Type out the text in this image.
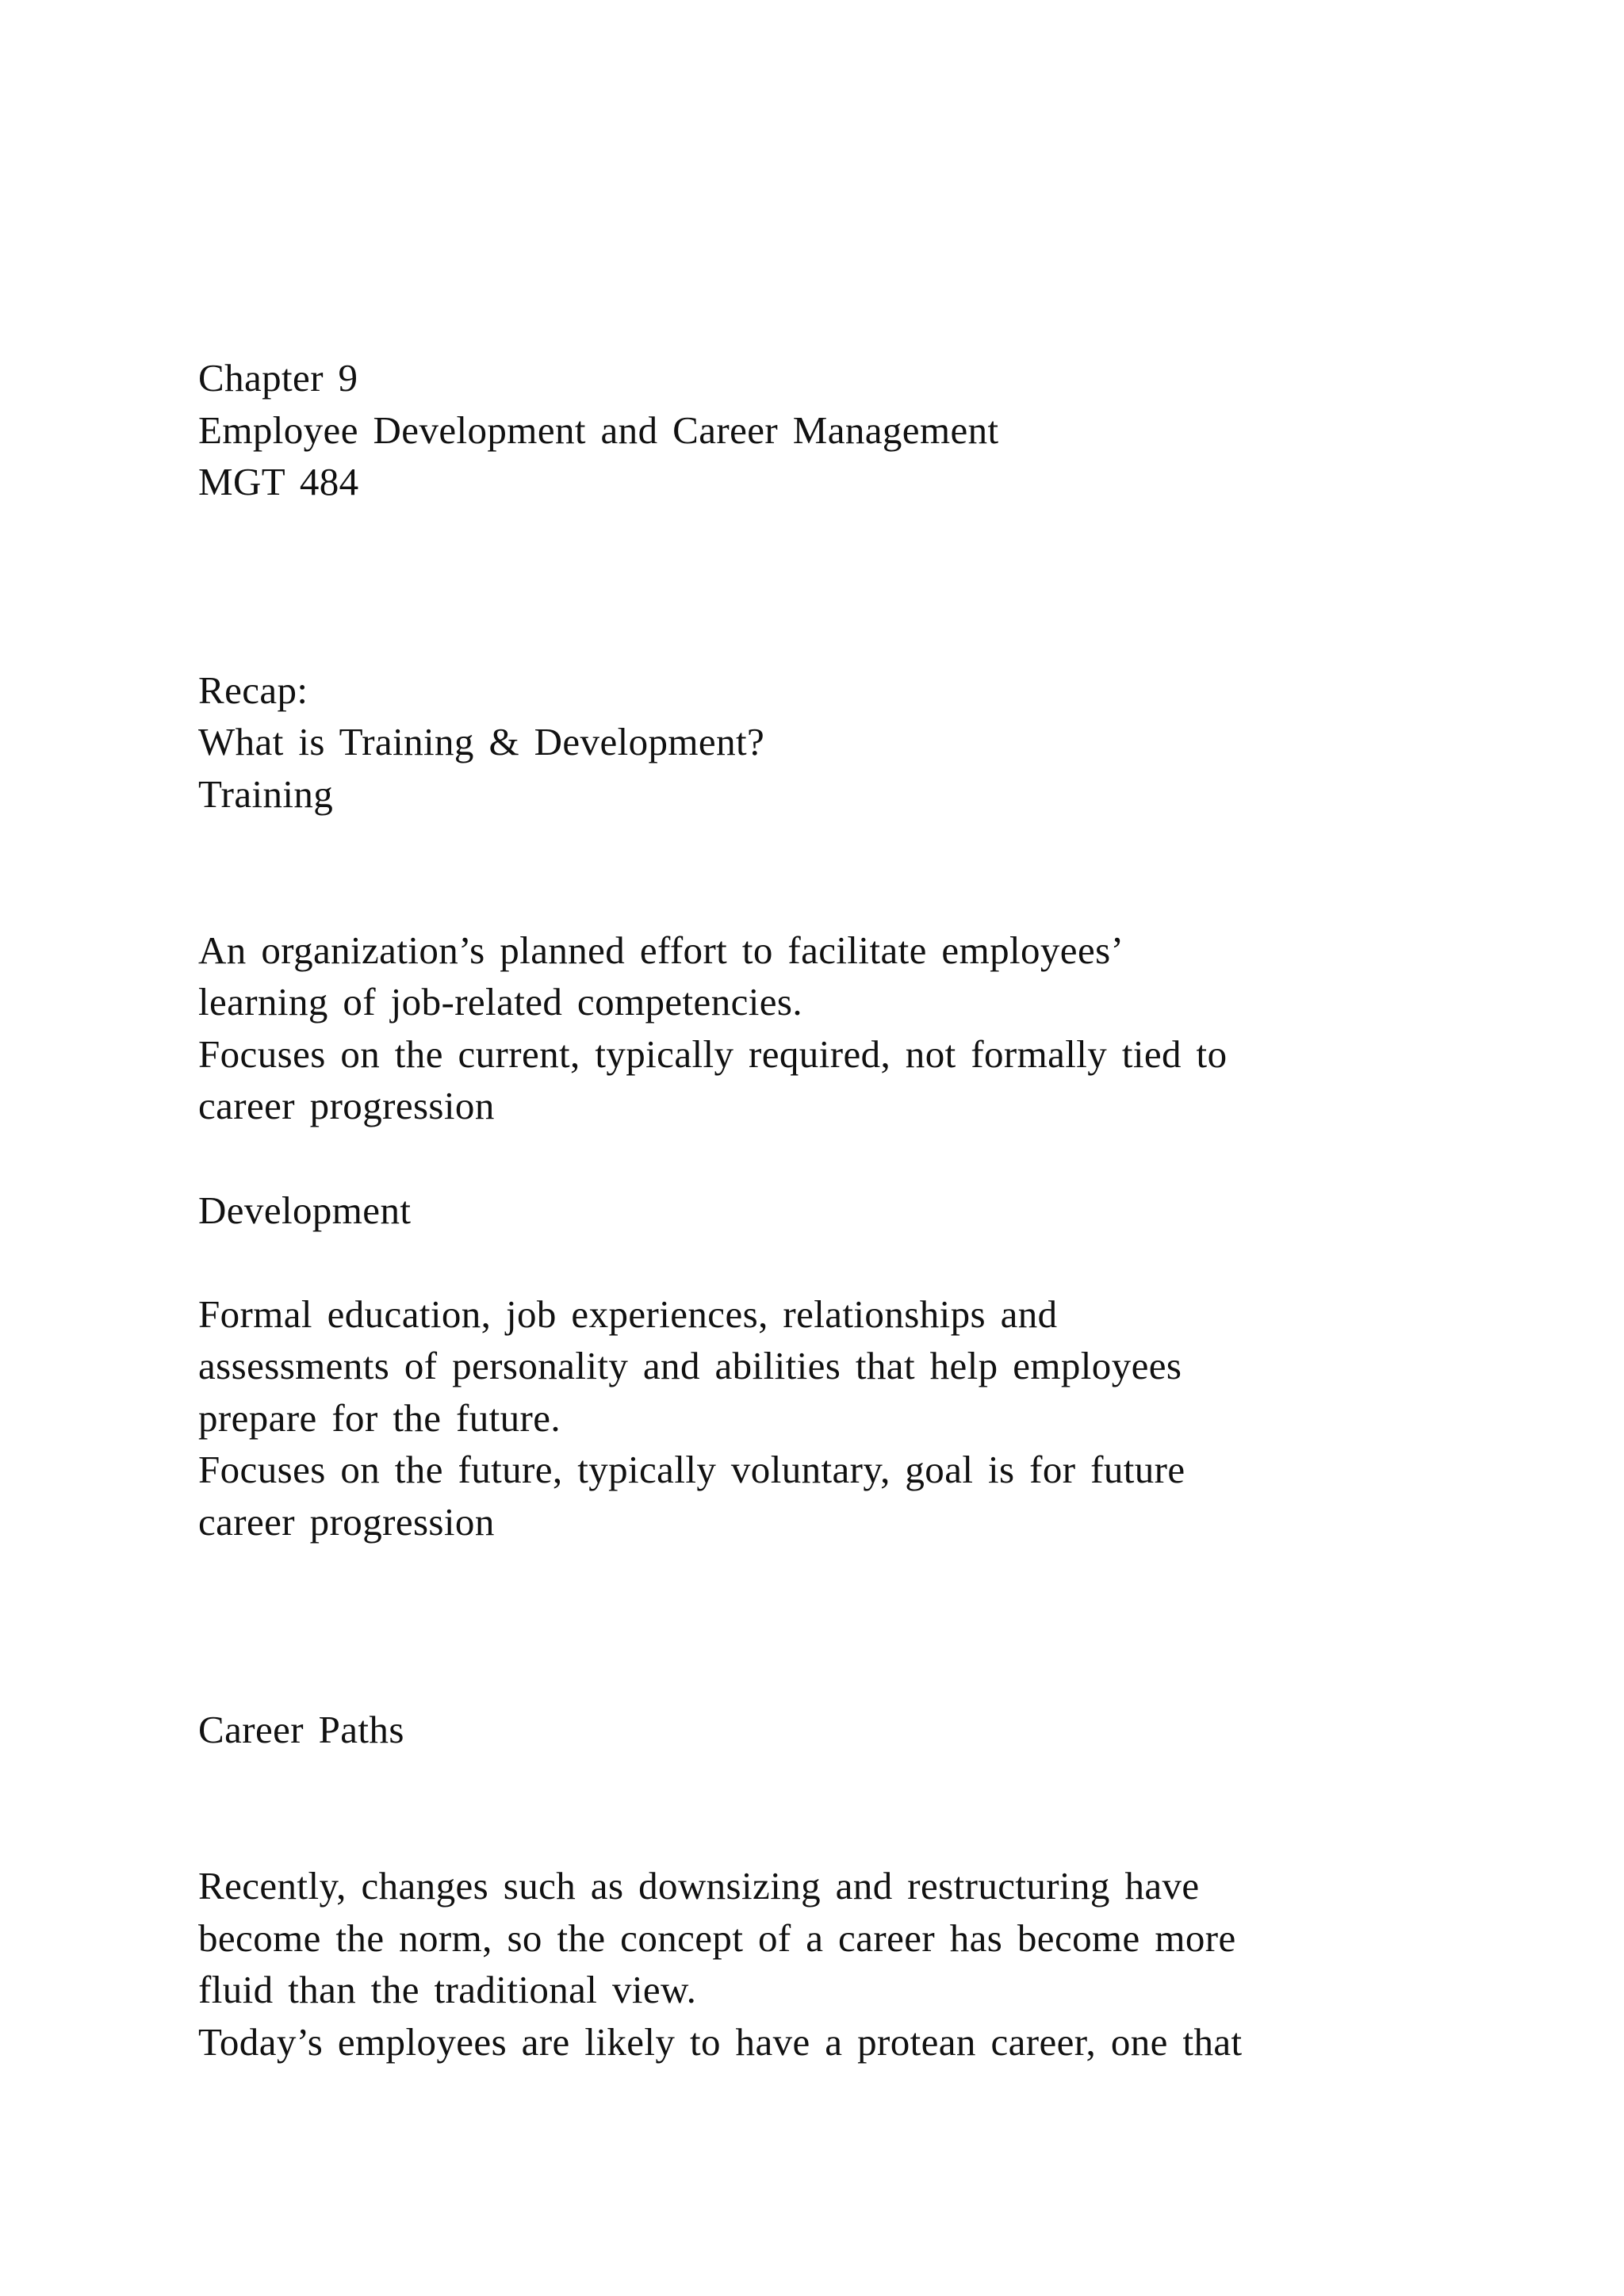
Chapter 9
Employee Development and Career Management
MGT 484
Recap:
What is Training & Development?
Training
An organization’s planned effort to facilitate employees’
learning of job-related competencies.
Focuses on the current, typically required, not formally tied to
career progression
Development
Formal education, job experiences, relationships and
assessments of personality and abilities that help employees
prepare for the future.
Focuses on the future, typically voluntary, goal is for future
career progression
Career Paths
Recently, changes such as downsizing and restructuring have
become the norm, so the concept of a career has become more
fluid than the traditional view.
Today’s employees are likely to have a protean career, one that
